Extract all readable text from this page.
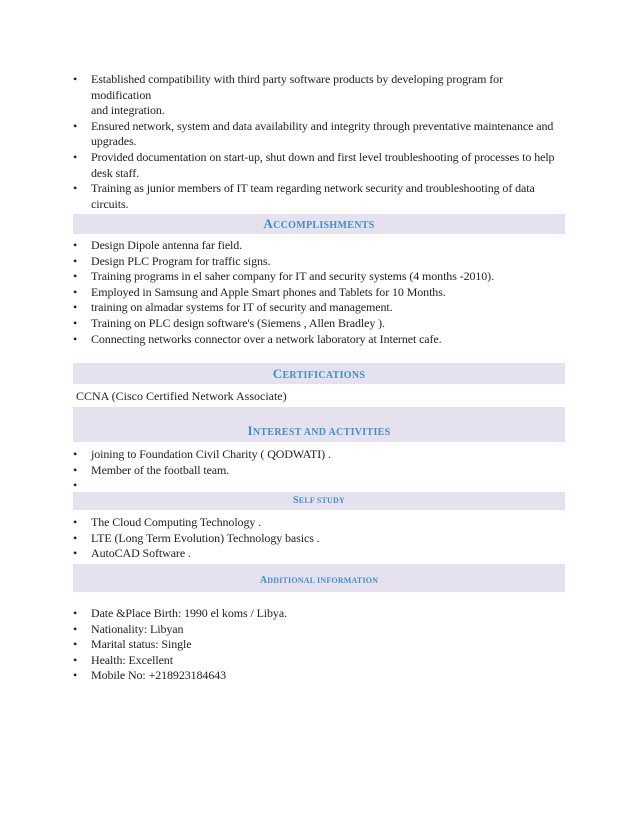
• Established compatibility with third party software products by developing program for modification
and integration.
• Ensured network, system and data availability and integrity through preventative maintenance and
upgrades.
• Provided documentation on start-up, shut down and first level troubleshooting of processes to help
desk staff.
• Training as junior members of IT team regarding network security and troubleshooting of data
circuits.
ACCOMPLISHMENTS
• Design Dipole antenna far field.
• Design PLC Program for traffic signs.
• Training programs in el saher company for IT and security systems (4 months -2010).
• Employed in Samsung and Apple Smart phones and Tablets for 10 Months.
• training on almadar systems for IT of security and management.
• Training on PLC design software's (Siemens , Allen Bradley ).
• Connecting networks connector over a network laboratory at Internet cafe.
CERTIFICATIONS
CCNA (Cisco Certified Network Associate)
INTEREST AND ACTIVITIES
• joining to Foundation Civil Charity ( QODWATI) .
• Member of the football team.
•
SELF STUDY
• The Cloud Computing Technology .
• LTE (Long Term Evolution) Technology basics .
• AutoCAD Software .
ADDITIONAL INFORMATION
• Date &Place Birth: 1990 el koms / Libya.
• Nationality: Libyan
• Marital status: Single
• Health: Excellent
• Mobile No: +218923184643
